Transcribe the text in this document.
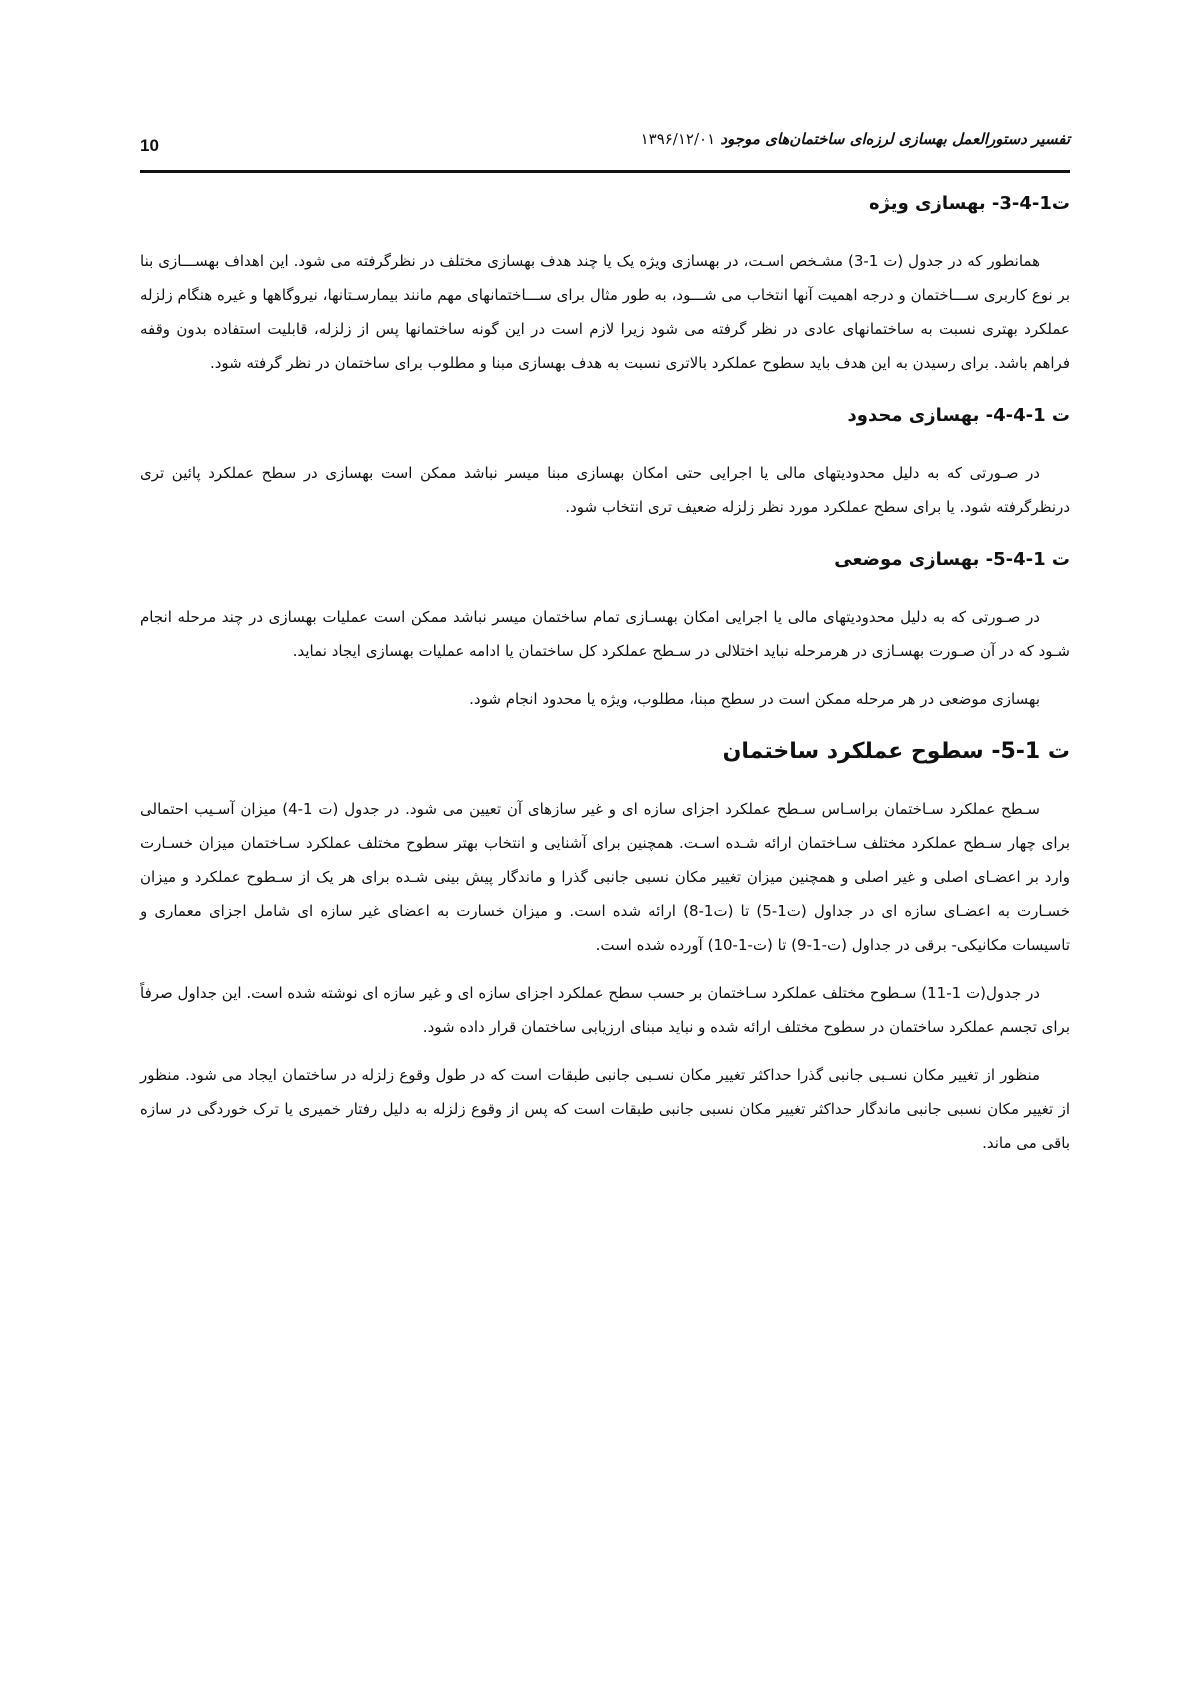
10	تفسیر دستورالعمل بهسازی لرزه‌ای ساختمان‌های موجود ۱۳۹۶/۱۲/۰۱
ت1-4-3- بهسازی ویژه

همانطور که در جدول (ت 1-3) مشـخص اسـت، در بهسازی ویژه یک یا چند هدف بهسازی مختلف در نظرگرفته می شود. این اهداف بهســـازی بنا بر نوع کاربری ســـاختمان و درجه اهمیت آنها انتخاب می شـــود، به طور مثال برای ســـاختمانهای مهم مانند بیمارسـتانها، نیروگاهها و غیره هنگام زلزله عملکرد بهتری نسبت به ساختمانهای عادی در نظر گرفته می شود زیرا لازم است در این گونه ساختمانها پس از زلزله، قابلیت استفاده بدون وقفه فراهم باشد. برای رسیدن به این هدف باید سطوح عملکرد بالاتری نسبت به هدف بهسازی مبنا و مطلوب برای ساختمان در نظر گرفته شود.

ت 1-4-4- بهسازی محدود

در صـورتی که به دلیل محدودیتهای مالی یا اجرایی حتی امکان بهسازی مبنا میسر نباشد ممکن است بهسازی در سطح عملکرد پائین تری درنظرگرفته شود. یا برای سطح عملکرد مورد نظر زلزله ضعیف تری انتخاب شود.

ت 1-4-5- بهسازی موضعی

در صـورتی که به دلیل محدودیتهای مالی یا اجرایی امکان بهسـازی تمام ساختمان میسر نباشد ممکن است عملیات بهسازی در چند مرحله انجام شـود که در آن صـورت بهسـازی در هرمرحله نباید اختلالی در سـطح عملکرد کل ساختمان یا ادامه عملیات بهسازی ایجاد نماید.

بهسازی موضعی در هر مرحله ممکن است در سطح مبنا، مطلوب، ویژه یا محدود انجام شود.

ت 1-5- سطوح عملکرد ساختمان

سـطح عملکرد سـاختمان براسـاس سـطح عملکرد اجزای سازه ای و غیر سازهای آن تعیین می شود. در جدول (ت 1-4) میزان آسـیب احتمالی برای چهار سـطح عملکرد مختلف سـاختمان ارائه شـده اسـت. همچنین برای آشنایی و انتخاب بهتر سطوح مختلف عملکرد سـاختمان میزان خسـارت وارد بر اعضـای اصلی و غیر اصلی و همچنین میزان تغییر مکان نسبی جانبی گذرا و ماندگار پیش بینی شـده برای هر یک از سـطوح عملکرد و میزان خسـارت به اعضـای سازه ای در جداول (ت1-5) تا (ت1-8) ارائه شده است. و میزان خسارت به اعضای غیر سازه ای شامل اجزای معماری و تاسیسات مکانیکی- برقی در جداول (ت-1-9) تا (ت-1-10) آورده شده است.

در جدول(ت 1-11) سـطوح مختلف عملکرد سـاختمان بر حسب سطح عملکرد اجزای سازه ای و غیر سازه ای نوشته شده است. این جداول صرفاً برای تجسم عملکرد ساختمان در سطوح مختلف ارائه شده و نباید مبنای ارزیابی ساختمان قرار داده شود.

منظور از تغییر مکان نسـبی جانبی گذرا حداکثر تغییر مکان نسـبی جانبی طبقات است که در طول وقوع زلزله در ساختمان ایجاد می شود. منظور از تغییر مکان نسبی جانبی ماندگار حداکثر تغییر مکان نسبی جانبی طبقات است که پس از وقوع زلزله به دلیل رفتار خمیری یا ترک خوردگی در سازه باقی می ماند.
